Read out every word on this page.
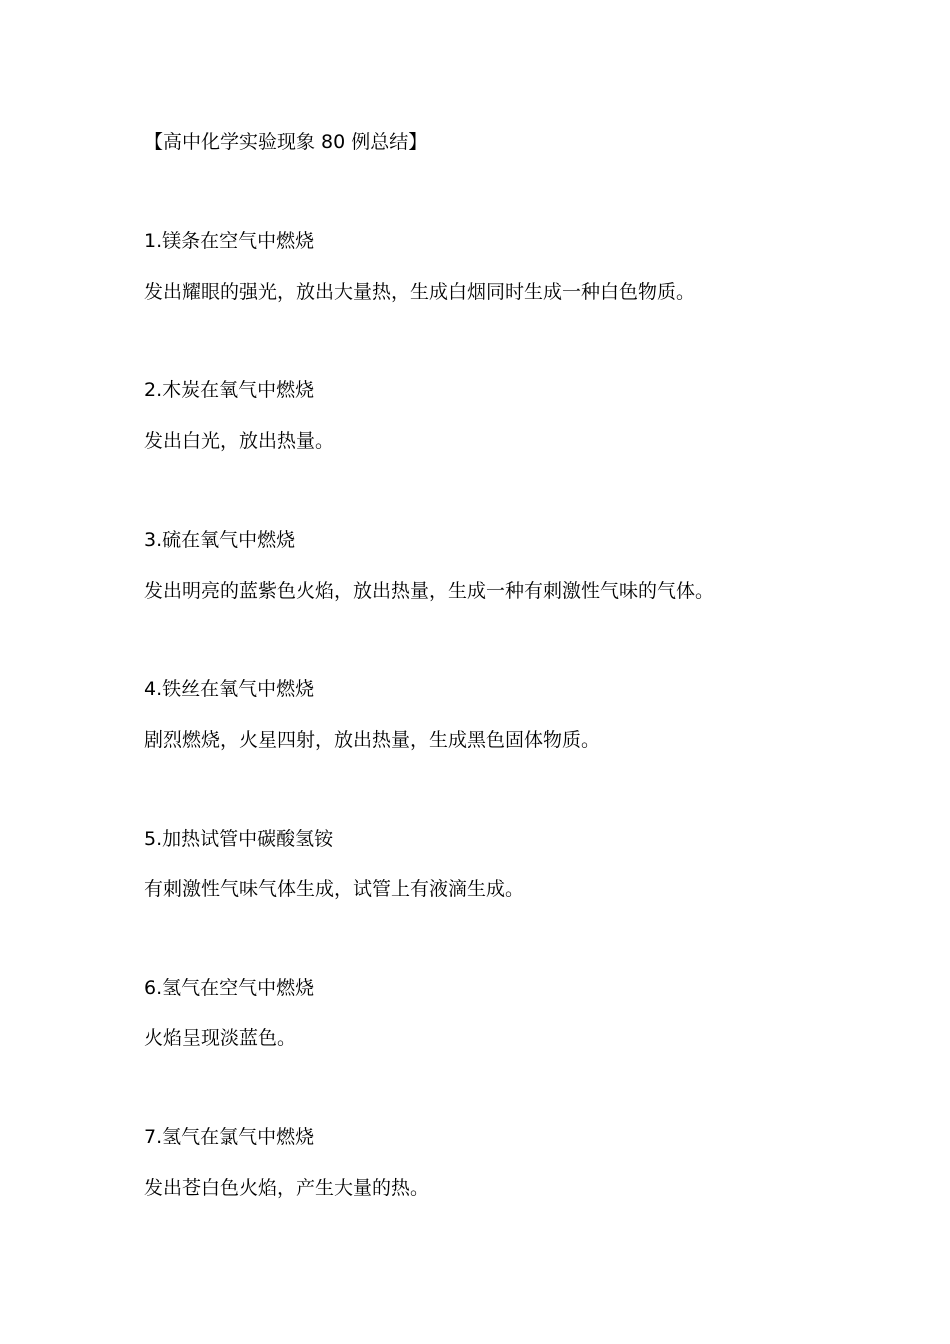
【高中化学实验现象 80 例总结】
1.镁条在空气中燃烧
发出耀眼的强光，放出大量热，生成白烟同时生成一种白色物质。
2.木炭在氧气中燃烧
发出白光，放出热量。
3.硫在氧气中燃烧
发出明亮的蓝紫色火焰，放出热量，生成一种有刺激性气味的气体。
4.铁丝在氧气中燃烧
剧烈燃烧，火星四射，放出热量，生成黑色固体物质。
5.加热试管中碳酸氢铵
有刺激性气味气体生成，试管上有液滴生成。
6.氢气在空气中燃烧
火焰呈现淡蓝色。
7.氢气在氯气中燃烧
发出苍白色火焰，产生大量的热。
